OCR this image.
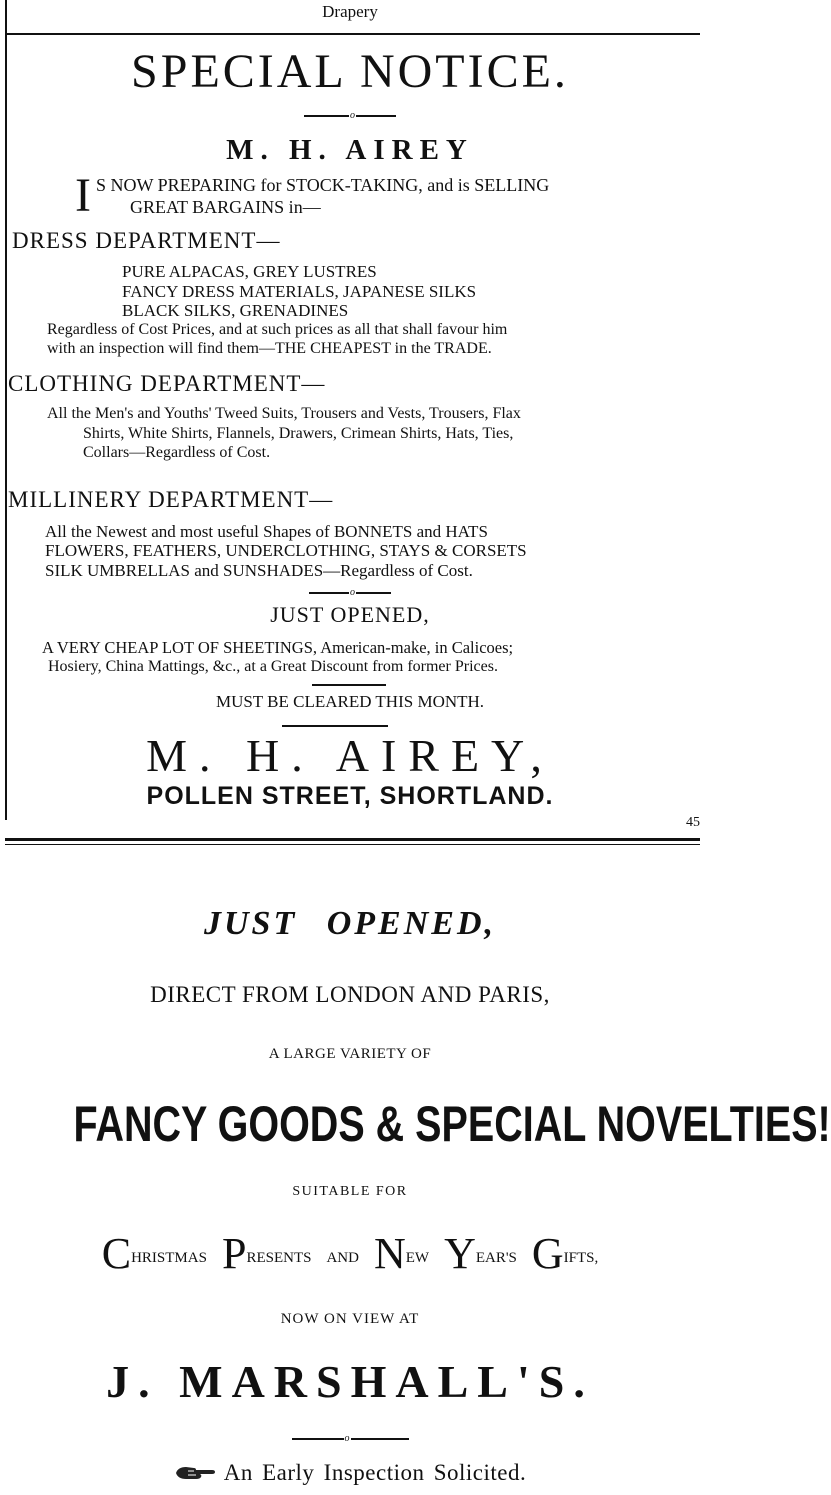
Drapery
SPECIAL NOTICE.
o
M. H. AIREY
I S NOW PREPARING for STOCK-TAKING, and is SELLING
GREAT BARGAINS in—
DRESS DEPARTMENT—
PURE ALPACAS, GREY LUSTRES
FANCY DRESS MATERIALS, JAPANESE SILKS
BLACK SILKS, GRENADINES
Regardless of Cost Prices, and at such prices as all that shall favour him
with an inspection will find them—THE CHEAPEST in the TRADE.
CLOTHING DEPARTMENT—
All the Men's and Youths' Tweed Suits, Trousers and Vests, Trousers, Flax
Shirts, White Shirts, Flannels, Drawers, Crimean Shirts, Hats, Ties,
Collars—Regardless of Cost.
MILLINERY DEPARTMENT—
All the Newest and most useful Shapes of BONNETS and HATS
FLOWERS, FEATHERS, UNDERCLOTHING, STAYS & CORSETS
SILK UMBRELLAS and SUNSHADES—Regardless of Cost.
o
JUST OPENED,
A VERY CHEAP LOT OF SHEETINGS, American-make, in Calicoes;
Hosiery, China Mattings, &c., at a Great Discount from former Prices.
MUST BE CLEARED THIS MONTH.
M. H. AIREY,
POLLEN STREET, SHORTLAND.
45
JUST OPENED,
DIRECT FROM LONDON AND PARIS,
A LARGE VARIETY OF
FANCY GOODS & SPECIAL NOVELTIES!
SUITABLE FOR
CHRISTMAS PRESENTS AND NEW YEAR'S GIFTS,
NOW ON VIEW AT
J. MARSHALL'S.
o
An Early Inspection Solicited.
